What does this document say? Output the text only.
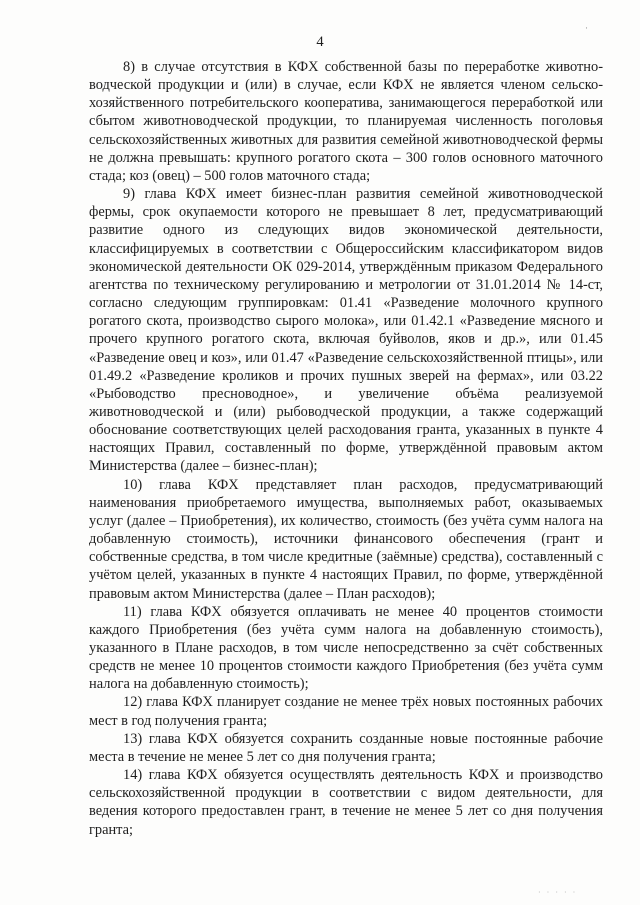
·
4

8) в случае отсутствия в КФХ собственной базы по переработке животноводческой продукции и (или) в случае, если КФХ не является членом сельскохозяйственного потребительского кооператива, занимающегося переработкой или сбытом животноводческой продукции, то планируемая численность поголовья сельскохозяйственных животных для развития семейной животноводческой фермы не должна превышать: крупного рогатого скота – 300 голов основного маточного стада; коз (овец) – 500 голов маточного стада;

9) глава КФХ имеет бизнес-план развития семейной животноводческой фермы, срок окупаемости которого не превышает 8 лет, предусматривающий развитие одного из следующих видов экономической деятельности, классифицируемых в соответствии с Общероссийским классификатором видов экономической деятельности ОК 029-2014, утверждённым приказом Федерального агентства по техническому регулированию и метрологии от 31.01.2014 № 14-ст, согласно следующим группировкам: 01.41 «Разведение молочного крупного рогатого скота, производство сырого молока», или 01.42.1 «Разведение мясного и прочего крупного рогатого скота, включая буйволов, яков и др.», или 01.45 «Разведение овец и коз», или 01.47 «Разведение сельскохозяйственной птицы», или 01.49.2 «Разведение кроликов и прочих пушных зверей на фермах», или 03.22 «Рыбоводство пресноводное», и увеличение объёма реализуемой животноводческой и (или) рыбоводческой продукции, а также содержащий обоснование соответствующих целей расходования гранта, указанных в пункте 4 настоящих Правил, составленный по форме, утверждённой правовым актом Министерства (далее – бизнес-план);

10) глава КФХ представляет план расходов, предусматривающий наименования приобретаемого имущества, выполняемых работ, оказываемых услуг (далее – Приобретения), их количество, стоимость (без учёта сумм налога на добавленную стоимость), источники финансового обеспечения (грант и собственные средства, в том числе кредитные (заёмные) средства), составленный с учётом целей, указанных в пункте 4 настоящих Правил, по форме, утверждённой правовым актом Министерства (далее – План расходов);

11) глава КФХ обязуется оплачивать не менее 40 процентов стоимости каждого Приобретения (без учёта сумм налога на добавленную стоимость), указанного в Плане расходов, в том числе непосредственно за счёт собственных средств не менее 10 процентов стоимости каждого Приобретения (без учёта сумм налога на добавленную стоимость);

12) глава КФХ планирует создание не менее трёх новых постоянных рабочих мест в год получения гранта;

13) глава КФХ обязуется сохранить созданные новые постоянные рабочие места в течение не менее 5 лет со дня получения гранта;

14) глава КФХ обязуется осуществлять деятельность КФХ и производство сельскохозяйственной продукции в соответствии с видом деятельности, для ведения которого предоставлен грант, в течение не менее 5 лет со дня получения гранта;

· · · · ·
